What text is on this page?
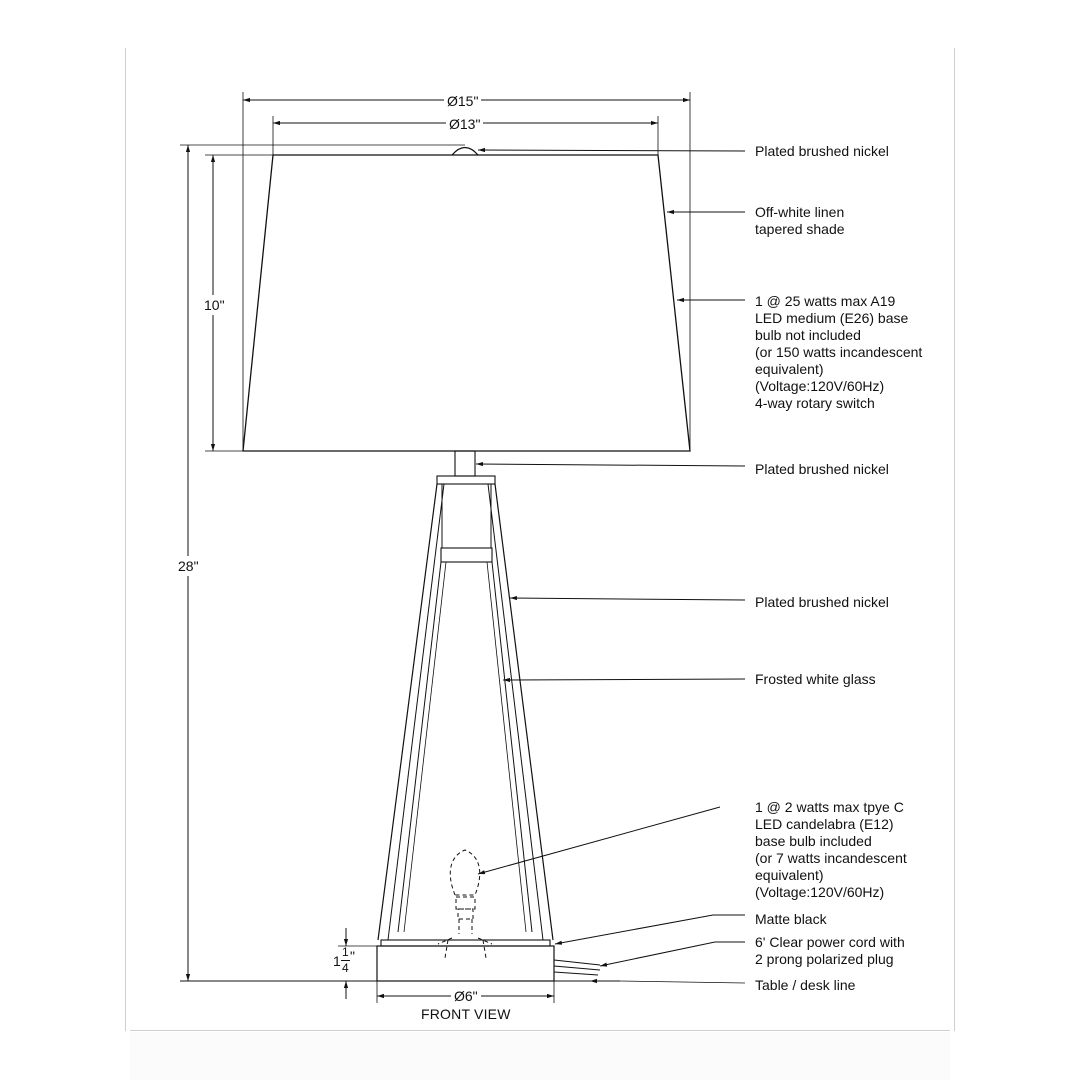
Ø15"
Ø13"
10"
28"
Ø6"
1
1
4
"
Plated brushed nickel
Off-white linen
tapered shade
1 @ 25 watts max A19
LED medium (E26) base
bulb not included
(or 150 watts incandescent
equivalent)
(Voltage:120V/60Hz)
4-way rotary switch
Plated brushed nickel
Plated brushed nickel
Frosted white glass
1 @ 2 watts max tpye C
LED candelabra (E12)
base bulb included
(or 7 watts incandescent
equivalent)
(Voltage:120V/60Hz)
Matte black
6' Clear power cord with
2 prong polarized plug
Table / desk line
FRONT VIEW
